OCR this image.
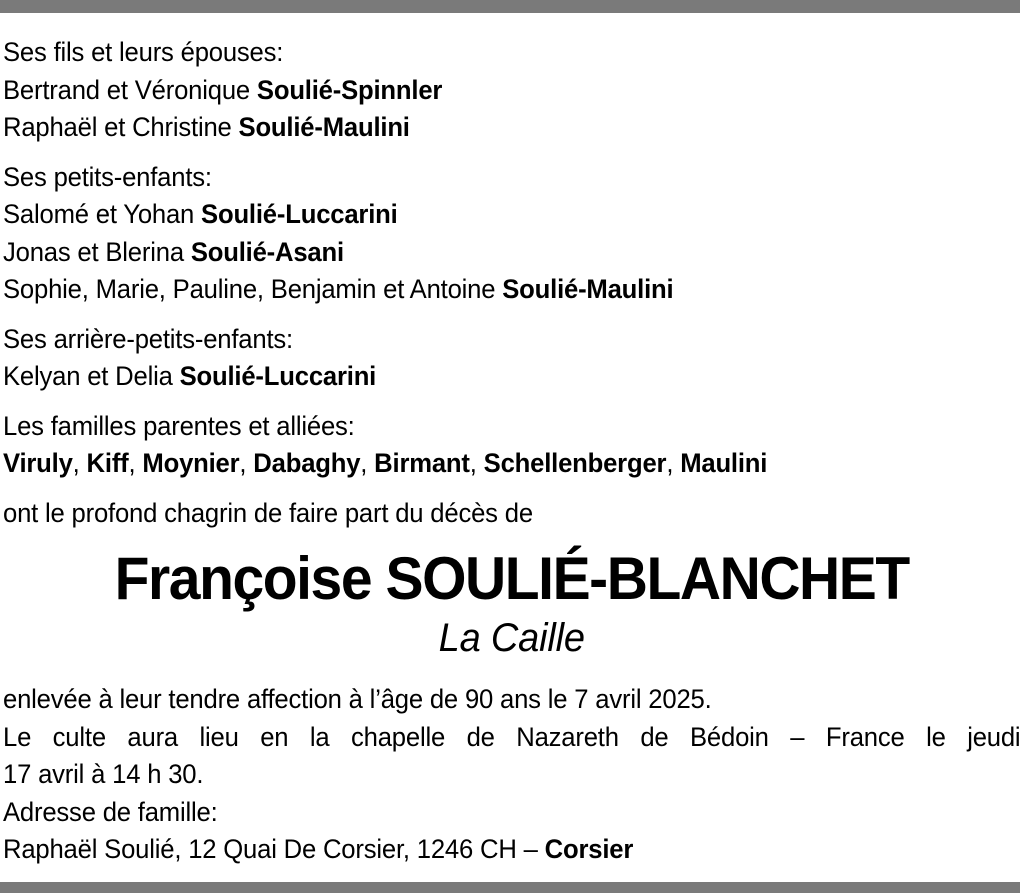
Ses fils et leurs épouses:
Bertrand et Véronique Soulié-Spinnler
Raphaël et Christine Soulié-Maulini
Ses petits-enfants:
Salomé et Yohan Soulié-Luccarini
Jonas et Blerina Soulié-Asani
Sophie, Marie, Pauline, Benjamin et Antoine Soulié-Maulini
Ses arrière-petits-enfants:
Kelyan et Delia Soulié-Luccarini
Les familles parentes et alliées:
Viruly, Kiff, Moynier, Dabaghy, Birmant, Schellenberger, Maulini
ont le profond chagrin de faire part du décès de
Françoise SOULIÉ-BLANCHET
La Caille
enlevée à leur tendre affection à l’âge de 90 ans le 7 avril 2025.
Le culte aura lieu en la chapelle de Nazareth de Bédoin – France le jeudi
17 avril à 14 h 30.
Adresse de famille:
Raphaël Soulié, 12 Quai De Corsier, 1246 CH – Corsier
